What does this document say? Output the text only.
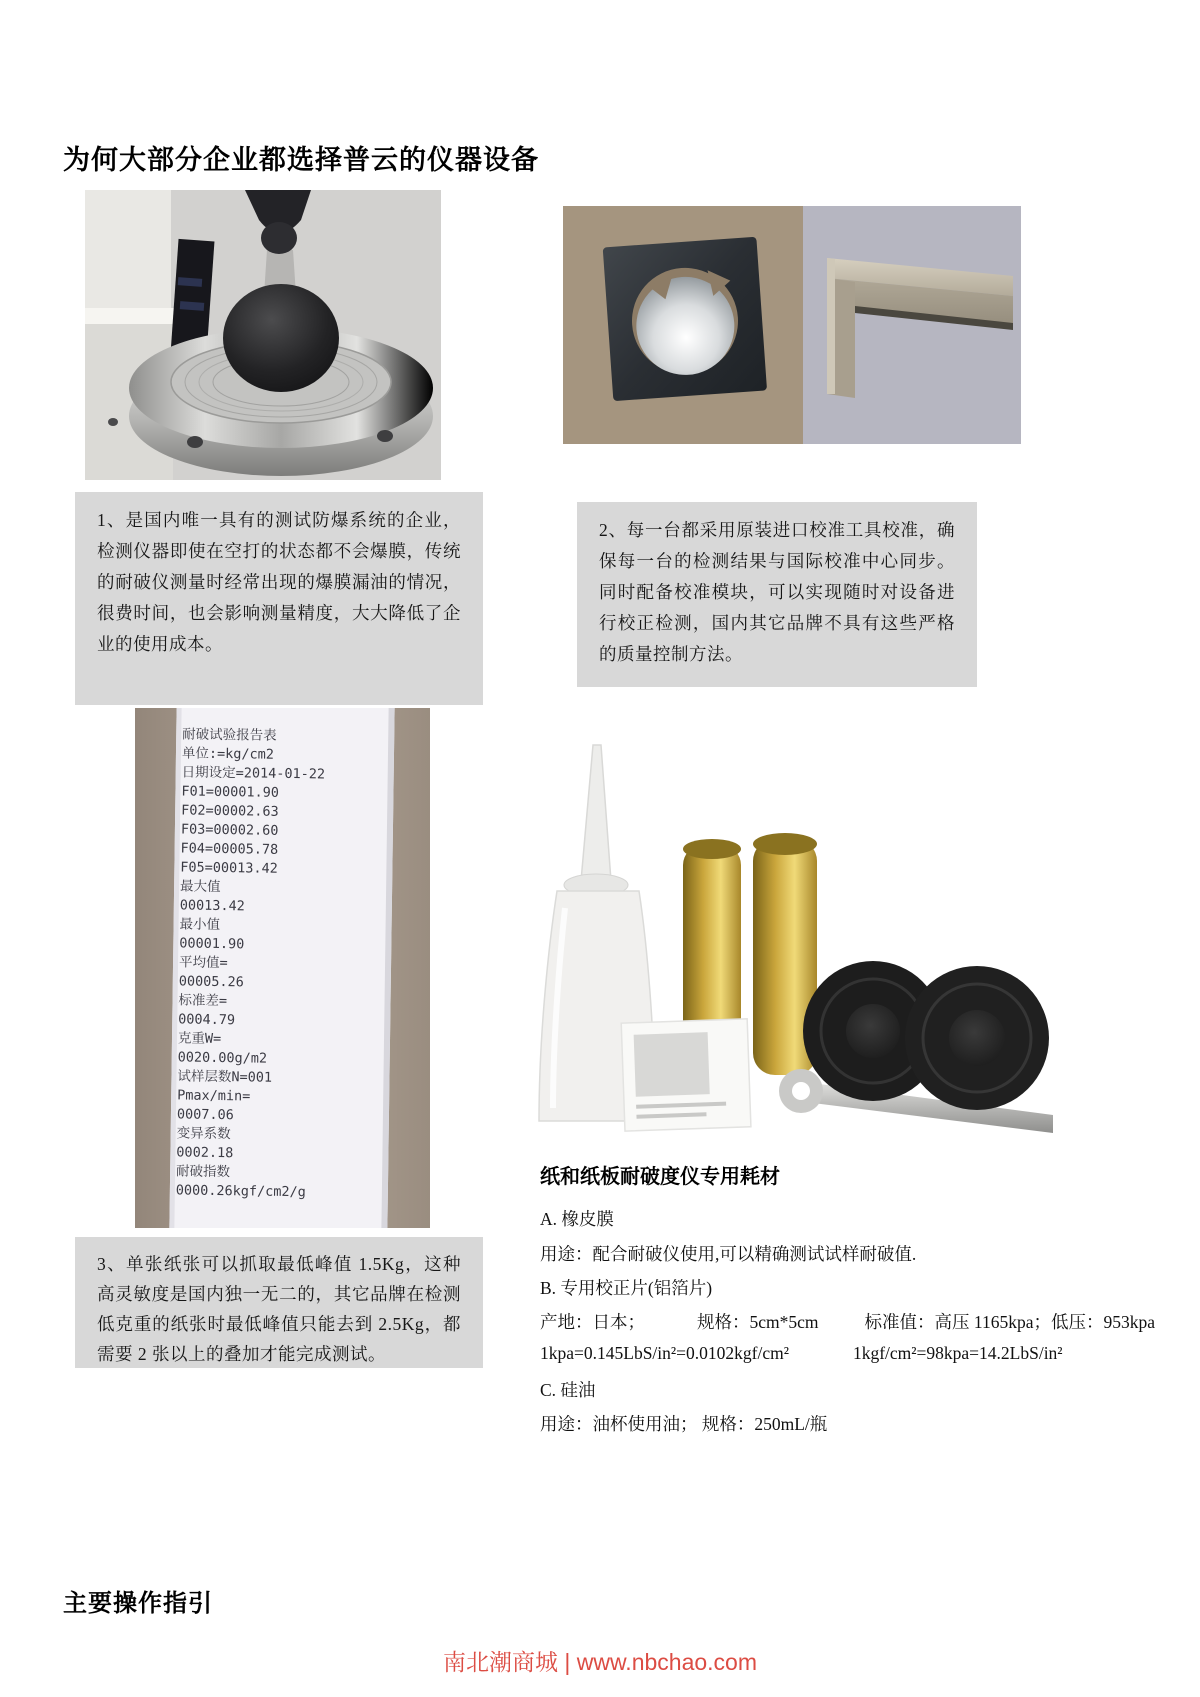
为何大部分企业都选择普云的仪器设备
1、是国内唯一具有的测试防爆系统的企业，检测仪器即使在空打的状态都不会爆膜，传统的耐破仪测量时经常出现的爆膜漏油的情况，很费时间，也会影响测量精度，大大降低了企业的使用成本。
2、每一台都采用原装进口校准工具校准，确保每一台的检测结果与国际校准中心同步。同时配备校准模块，可以实现随时对设备进行校正检测，国内其它品牌不具有这些严格的质量控制方法。
耐破试验报告表
单位:=kg/cm2
日期设定=2014-01-22
F01=00001.90
F02=00002.63
F03=00002.60
F04=00005.78
F05=00013.42
最大值
00013.42
最小值
00001.90
平均值=
00005.26
标准差=
0004.79
克重W=
0020.00g/m2
试样层数N=001
Pmax/min=
0007.06
变异系数
0002.18
耐破指数
0000.26kgf/cm2/g
纸和纸板耐破度仪专用耗材
A. 橡皮膜
用途：配合耐破仪使用,可以精确测试试样耐破值.
B. 专用校正片(铝箔片)
产地：日本；	规格：5cm*5cm	标准值：高压 1165kpa；低压：953kpa
1kpa=0.145LbS/in²=0.0102kgf/cm²	1kgf/cm²=98kpa=14.2LbS/in²
C. 硅油
用途：油杯使用油； 规格：250mL/瓶
3、单张纸张可以抓取最低峰值 1.5Kg，这种高灵敏度是国内独一无二的，其它品牌在检测低克重的纸张时最低峰值只能去到 2.5Kg，都需要 2 张以上的叠加才能完成测试。
主要操作指引
南北潮商城 | www.nbchao.com
